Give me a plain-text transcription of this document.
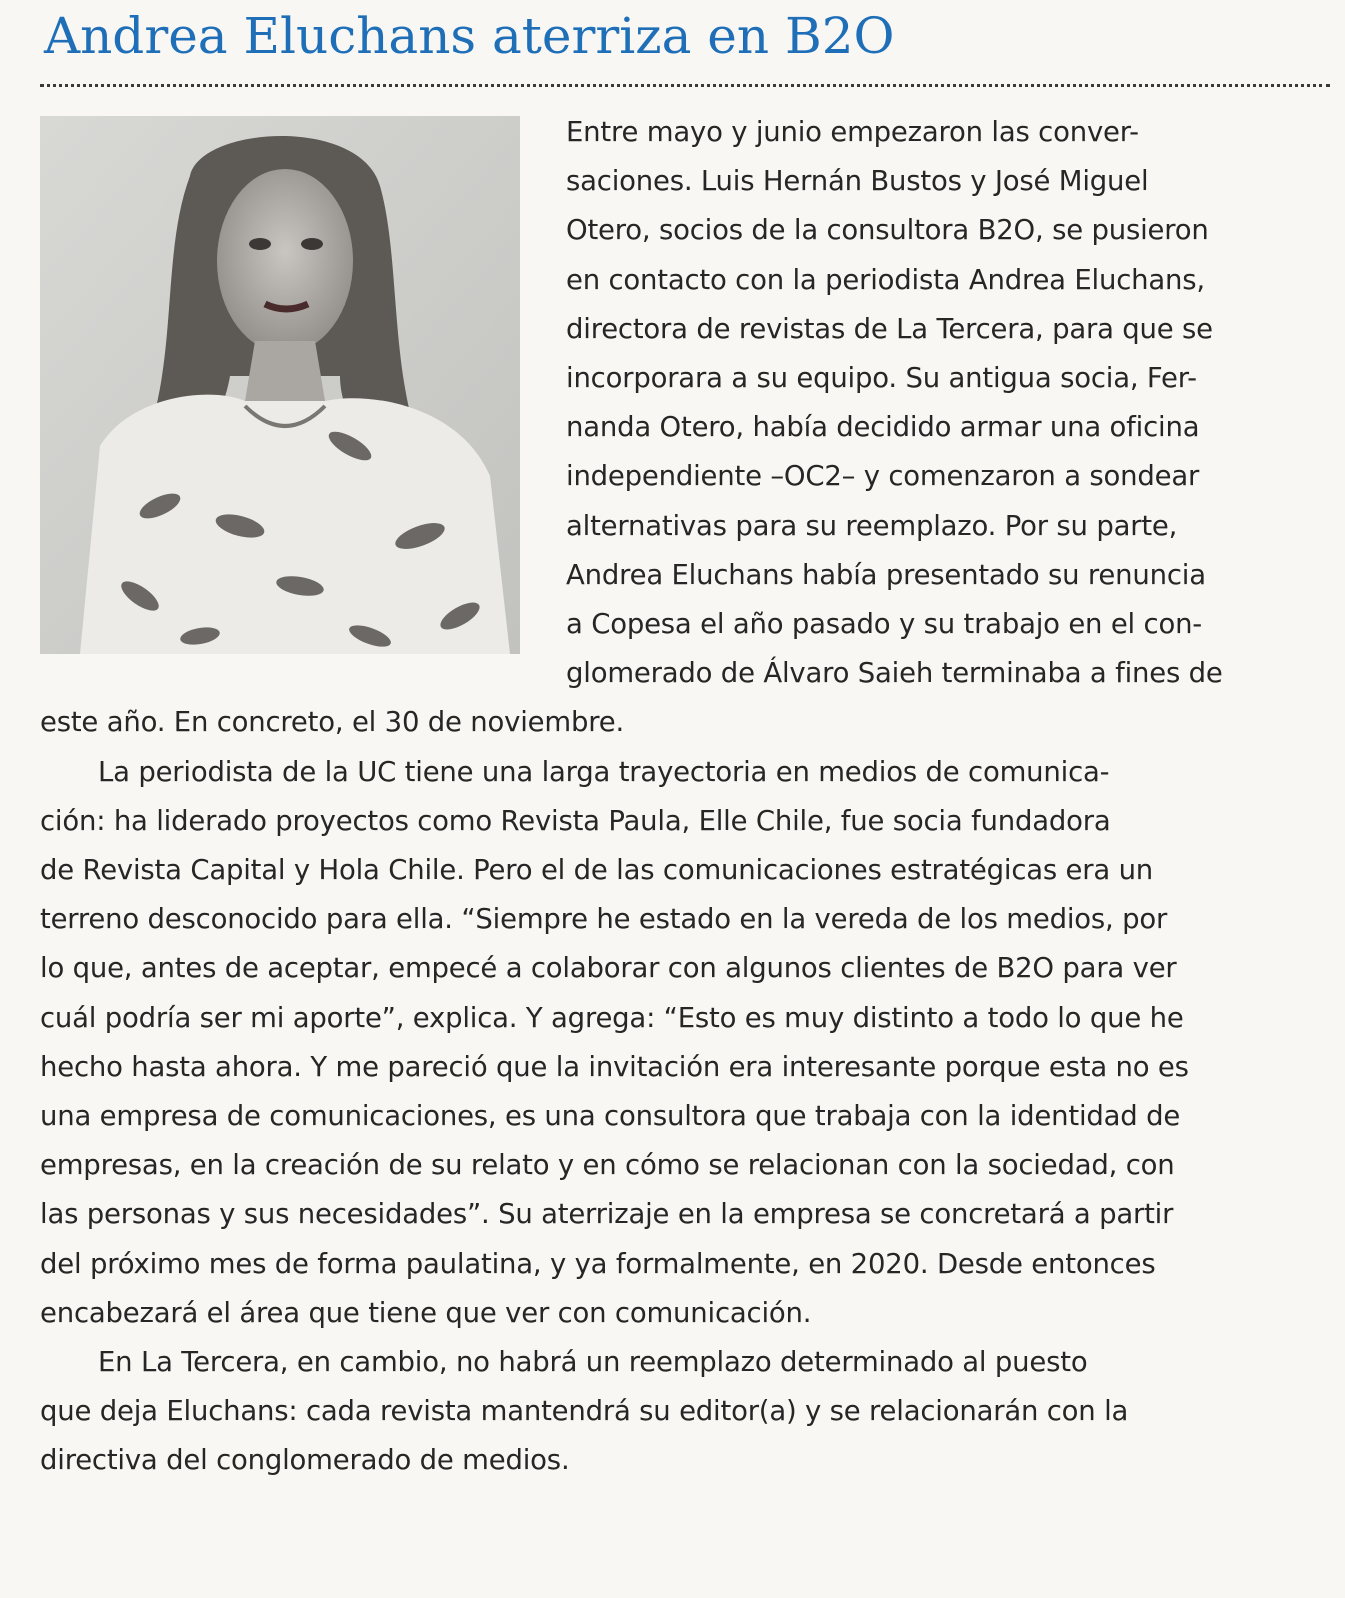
Andrea Eluchans aterriza en B2O
Entre mayo y junio empezaron las conver-
saciones. Luis Hernán Bustos y José Miguel
Otero, socios de la consultora B2O, se pusieron
en contacto con la periodista Andrea Eluchans,
directora de revistas de La Tercera, para que se
incorporara a su equipo. Su antigua socia, Fer-
nanda Otero, había decidido armar una oficina
independiente –OC2– y comenzaron a sondear
alternativas para su reemplazo. Por su parte,
Andrea Eluchans había presentado su renuncia
a Copesa el año pasado y su trabajo en el con-
glomerado de Álvaro Saieh terminaba a fines de
este año. En concreto, el 30 de noviembre.
La periodista de la UC tiene una larga trayectoria en medios de comunica-
ción: ha liderado proyectos como Revista Paula, Elle Chile, fue socia fundadora
de Revista Capital y Hola Chile. Pero el de las comunicaciones estratégicas era un
terreno desconocido para ella. “Siempre he estado en la vereda de los medios, por
lo que, antes de aceptar, empecé a colaborar con algunos clientes de B2O para ver
cuál podría ser mi aporte”, explica. Y agrega: “Esto es muy distinto a todo lo que he
hecho hasta ahora. Y me pareció que la invitación era interesante porque esta no es
una empresa de comunicaciones, es una consultora que trabaja con la identidad de
empresas, en la creación de su relato y en cómo se relacionan con la sociedad, con
las personas y sus necesidades”. Su aterrizaje en la empresa se concretará a partir
del próximo mes de forma paulatina, y ya formalmente, en 2020. Desde entonces
encabezará el área que tiene que ver con comunicación.
En La Tercera, en cambio, no habrá un reemplazo determinado al puesto
que deja Eluchans: cada revista mantendrá su editor(a) y se relacionarán con la
directiva del conglomerado de medios.
